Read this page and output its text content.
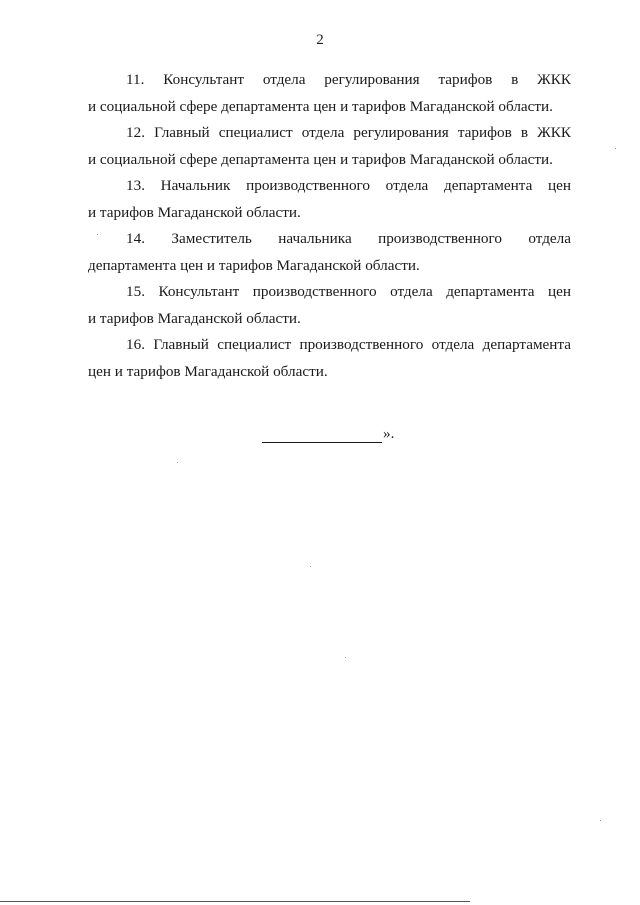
2

11. Консультант отдела регулирования тарифов в ЖКК
и социальной сфере департамента цен и тарифов Магаданской области.

12. Главный специалист отдела регулирования тарифов в ЖКК
и социальной сфере департамента цен и тарифов Магаданской области.

13. Начальник производственного отдела департамента цен
и тарифов Магаданской области.

14. Заместитель начальника производственного отдела
департамента цен и тарифов Магаданской области.

15. Консультант производственного отдела департамента цен
и тарифов Магаданской области.

16. Главный специалист производственного отдела департамента
цен и тарифов Магаданской области.

».
